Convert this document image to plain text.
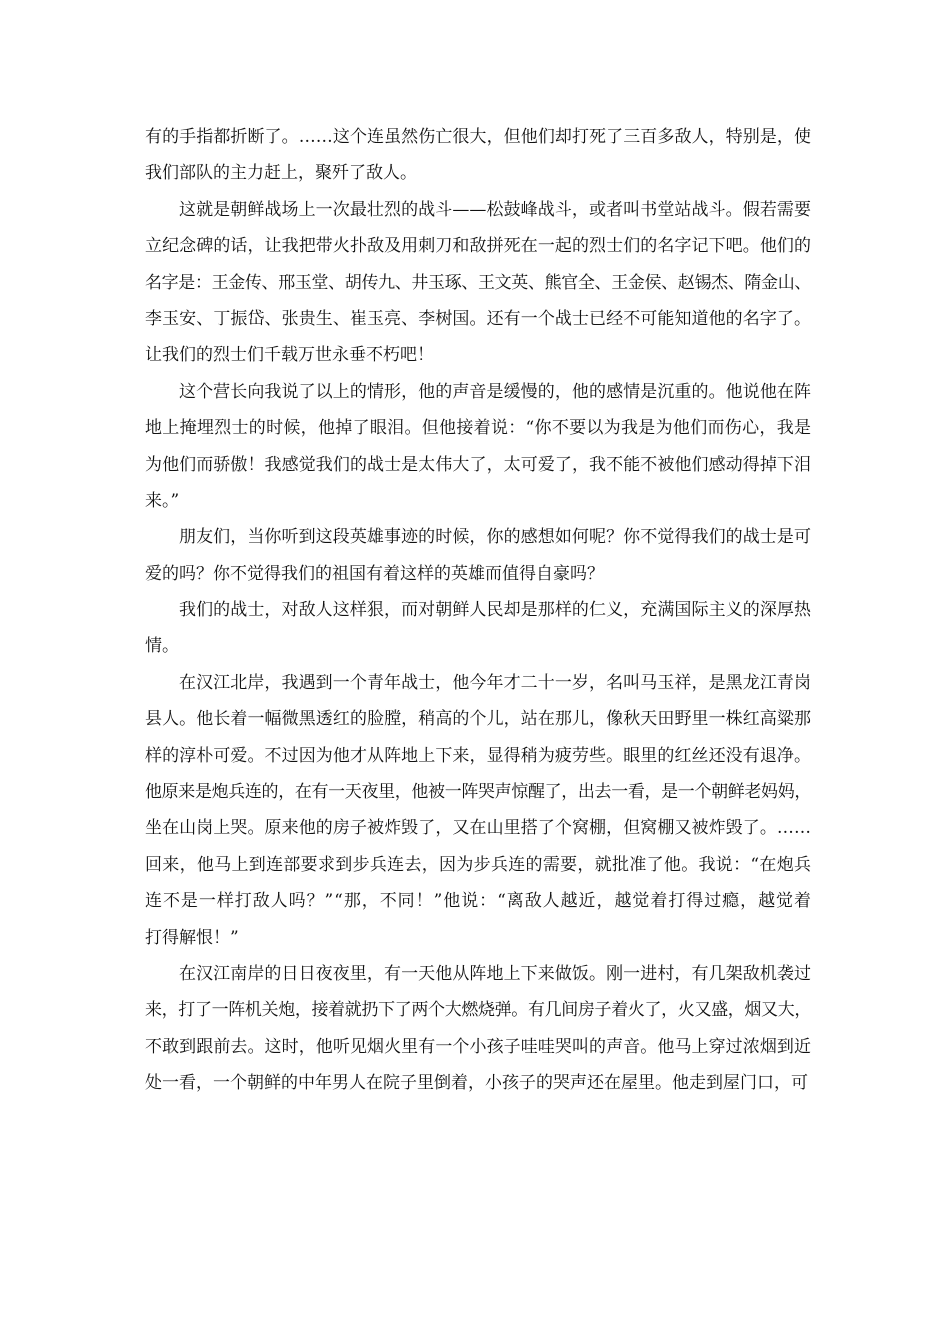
有的手指都折断了。……这个连虽然伤亡很大，但他们却打死了三百多敌人，特别是，使
我们部队的主力赶上，聚歼了敌人。
这就是朝鲜战场上一次最壮烈的战斗——松鼓峰战斗，或者叫书堂站战斗。假若需要
立纪念碑的话，让我把带火扑敌及用刺刀和敌拼死在一起的烈士们的名字记下吧。他们的
名字是：王金传、邢玉堂、胡传九、井玉琢、王文英、熊官全、王金侯、赵锡杰、隋金山、
李玉安、丁振岱、张贵生、崔玉亮、李树国。还有一个战士已经不可能知道他的名字了。
让我们的烈士们千载万世永垂不朽吧！
这个营长向我说了以上的情形，他的声音是缓慢的，他的感情是沉重的。他说他在阵
地上掩埋烈士的时候，他掉了眼泪。但他接着说：“你不要以为我是为他们而伤心，我是
为他们而骄傲！我感觉我们的战士是太伟大了，太可爱了，我不能不被他们感动得掉下泪
来。”
朋友们，当你听到这段英雄事迹的时候，你的感想如何呢？你不觉得我们的战士是可
爱的吗？你不觉得我们的祖国有着这样的英雄而值得自豪吗？
我们的战士，对敌人这样狠，而对朝鲜人民却是那样的仁义，充满国际主义的深厚热
情。
在汉江北岸，我遇到一个青年战士，他今年才二十一岁，名叫马玉祥，是黑龙江青岗
县人。他长着一幅微黑透红的脸膛，稍高的个儿，站在那儿，像秋天田野里一株红高粱那
样的淳朴可爱。不过因为他才从阵地上下来，显得稍为疲劳些。眼里的红丝还没有退净。
他原来是炮兵连的，在有一天夜里，他被一阵哭声惊醒了，出去一看，是一个朝鲜老妈妈，
坐在山岗上哭。原来他的房子被炸毁了，又在山里搭了个窝棚，但窝棚又被炸毁了。……
回来，他马上到连部要求到步兵连去，因为步兵连的需要，就批准了他。我说：“在炮兵
连不是一样打敌人吗？”“那，不同！”他说：“离敌人越近，越觉着打得过瘾，越觉着
打得解恨！”
在汉江南岸的日日夜夜里，有一天他从阵地上下来做饭。刚一进村，有几架敌机袭过
来，打了一阵机关炮，接着就扔下了两个大燃烧弹。有几间房子着火了，火又盛，烟又大，
不敢到跟前去。这时，他听见烟火里有一个小孩子哇哇哭叫的声音。他马上穿过浓烟到近
处一看，一个朝鲜的中年男人在院子里倒着，小孩子的哭声还在屋里。他走到屋门口，可
